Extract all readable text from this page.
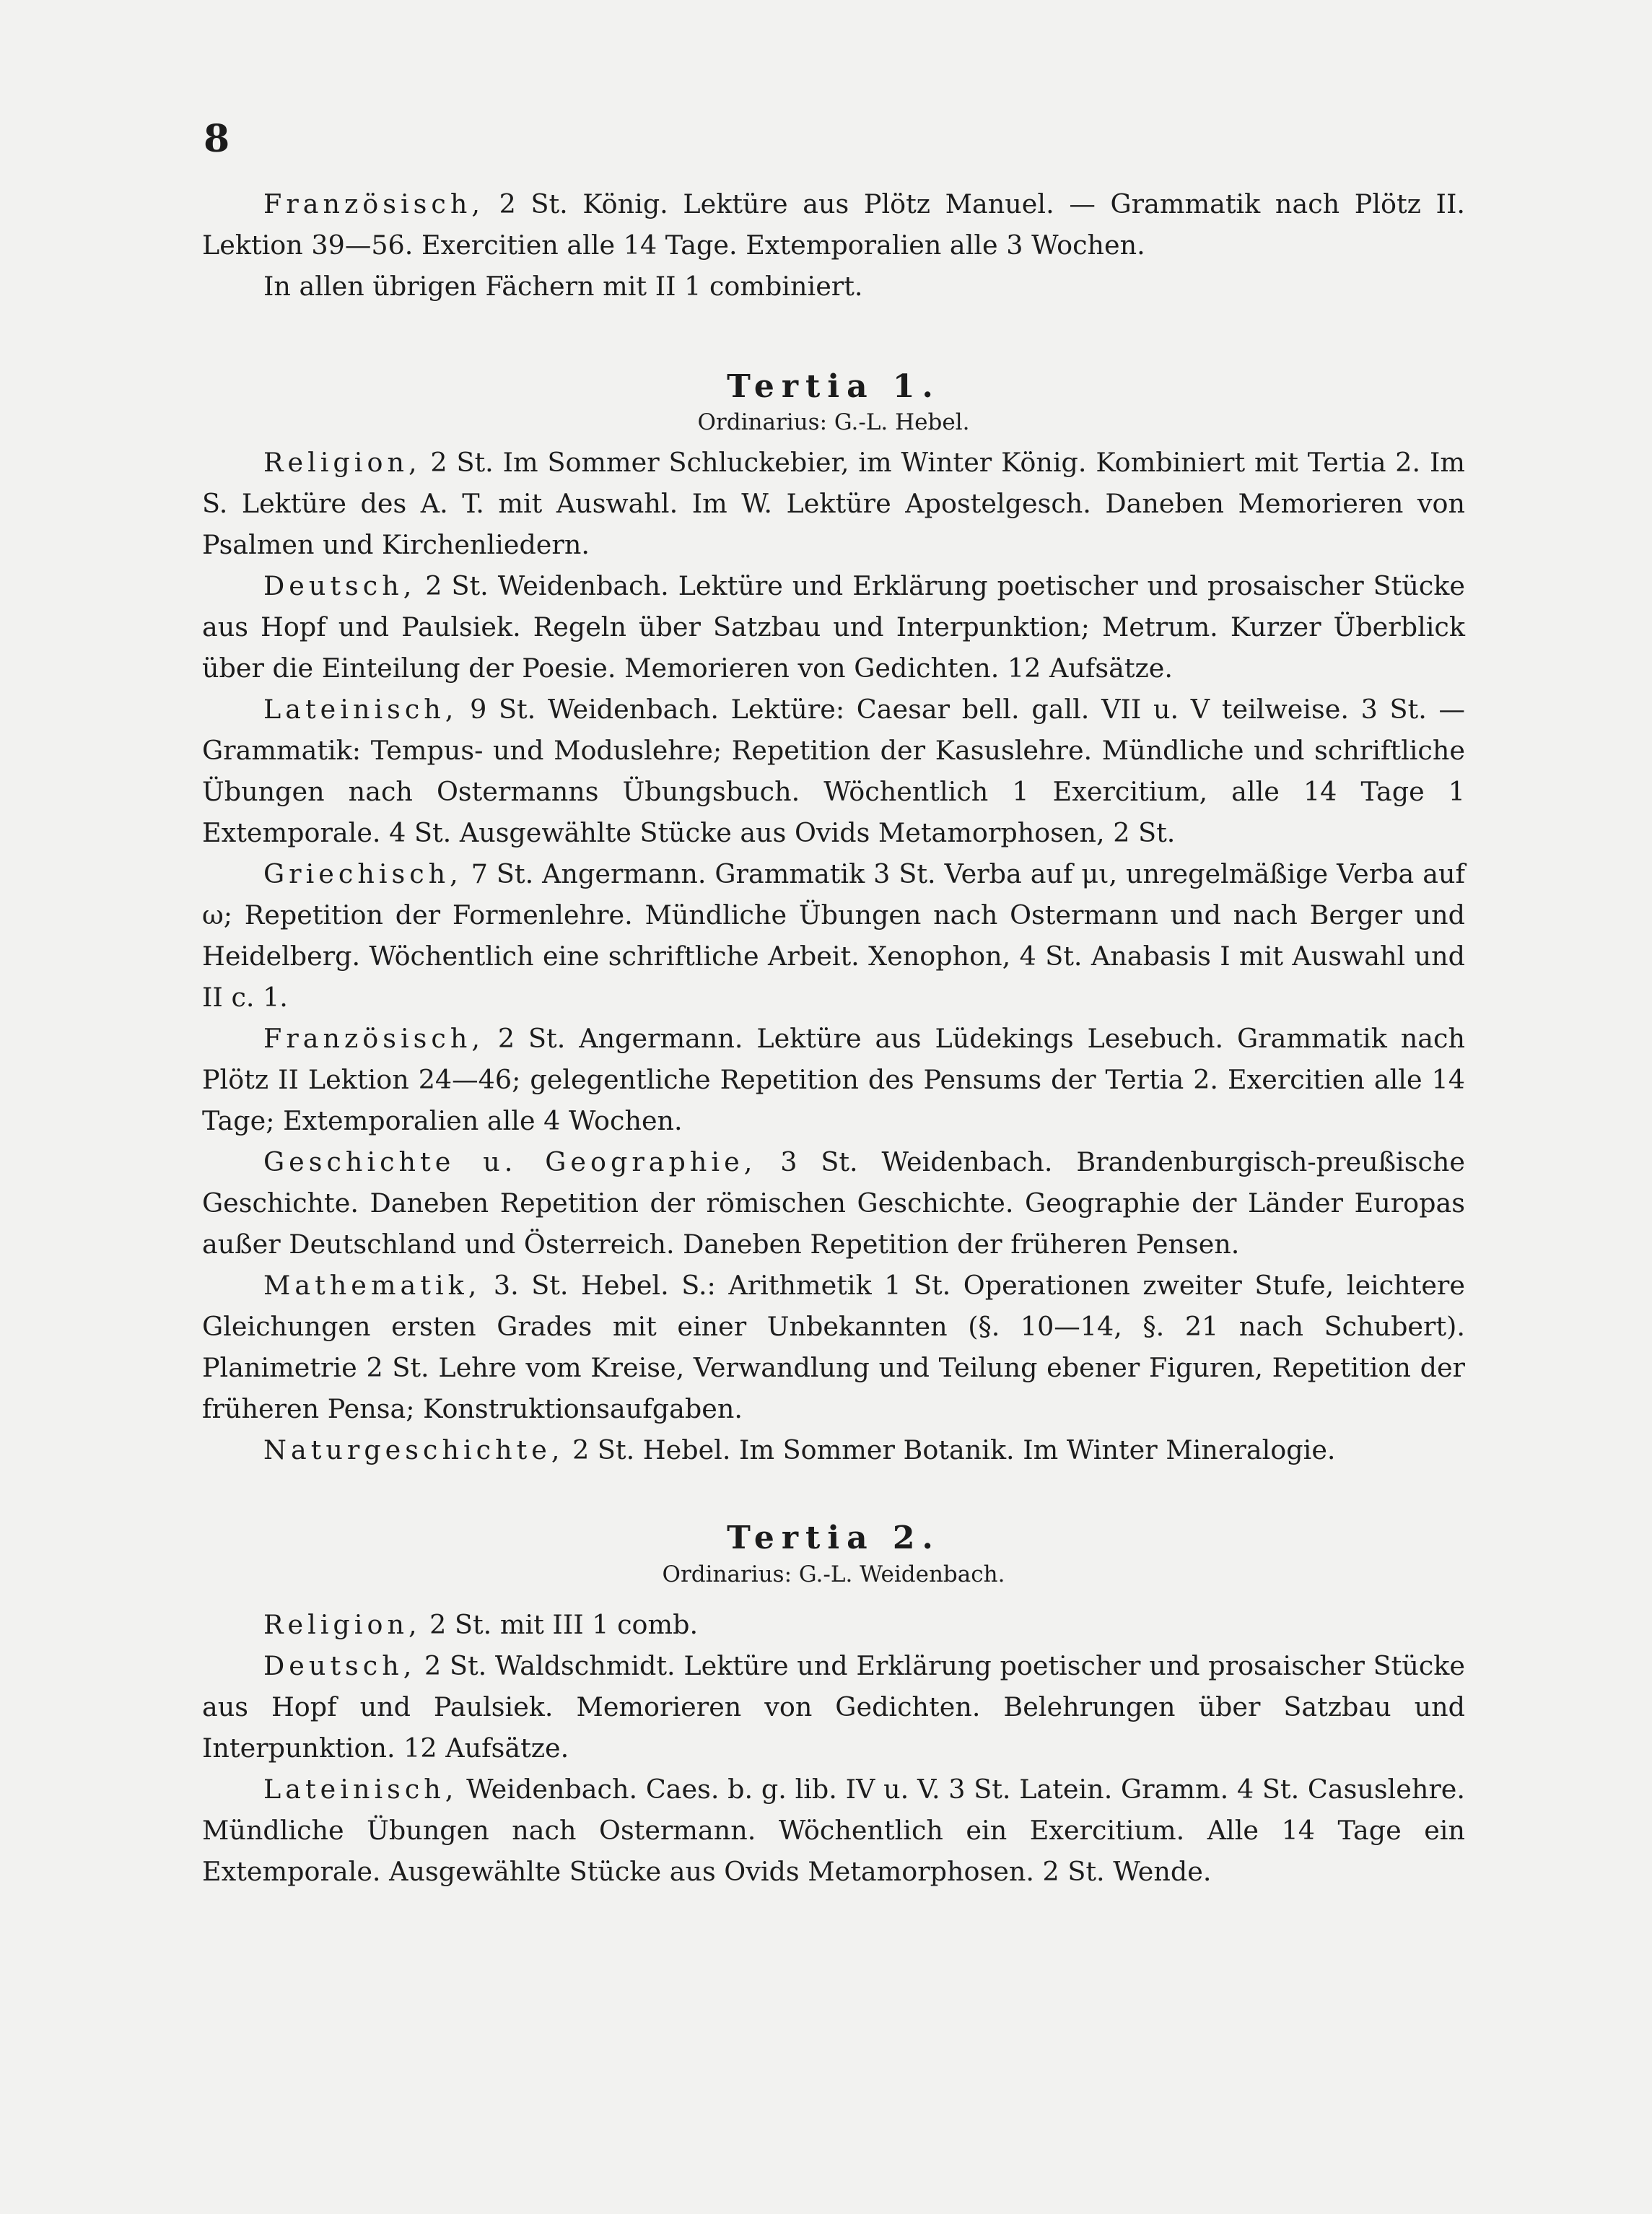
8

Französisch, 2 St. König. Lektüre aus Plötz Manuel. — Grammatik nach Plötz II. Lektion 39—56. Exercitien alle 14 Tage. Extemporalien alle 3 Wochen.

In allen übrigen Fächern mit II 1 combiniert.

Tertia 1.
Ordinarius: G.-L. Hebel.

Religion, 2 St. Im Sommer Schluckebier, im Winter König. Kombiniert mit Tertia 2. Im S. Lektüre des A. T. mit Auswahl. Im W. Lektüre Apostelgesch. Daneben Memorieren von Psalmen und Kirchenliedern.

Deutsch, 2 St. Weidenbach. Lektüre und Erklärung poetischer und prosaischer Stücke aus Hopf und Paulsiek. Regeln über Satzbau und Interpunktion; Metrum. Kurzer Überblick über die Einteilung der Poesie. Memorieren von Gedichten. 12 Aufsätze.

Lateinisch, 9 St. Weidenbach. Lektüre: Caesar bell. gall. VII u. V teilweise. 3 St. — Grammatik: Tempus- und Moduslehre; Repetition der Kasuslehre. Mündliche und schriftliche Übungen nach Ostermanns Übungsbuch. Wöchentlich 1 Exercitium, alle 14 Tage 1 Extemporale. 4 St. Ausgewählte Stücke aus Ovids Metamorphosen, 2 St.

Griechisch, 7 St. Angermann. Grammatik 3 St. Verba auf μι, unregelmäßige Verba auf ω; Repetition der Formenlehre. Mündliche Übungen nach Ostermann und nach Berger und Heidelberg. Wöchentlich eine schriftliche Arbeit. Xenophon, 4 St. Anabasis I mit Auswahl und II c. 1.

Französisch, 2 St. Angermann. Lektüre aus Lüdekings Lesebuch. Grammatik nach Plötz II Lektion 24—46; gelegentliche Repetition des Pensums der Tertia 2. Exercitien alle 14 Tage; Extemporalien alle 4 Wochen.

Geschichte u. Geographie, 3 St. Weidenbach. Brandenburgisch-preußische Geschichte. Daneben Repetition der römischen Geschichte. Geographie der Länder Europas außer Deutschland und Österreich. Daneben Repetition der früheren Pensen.

Mathematik, 3. St. Hebel. S.: Arithmetik 1 St. Operationen zweiter Stufe, leichtere Gleichungen ersten Grades mit einer Unbekannten (§. 10—14, §. 21 nach Schubert). Planimetrie 2 St. Lehre vom Kreise, Verwandlung und Teilung ebener Figuren, Repetition der früheren Pensa; Konstruktionsaufgaben.

Naturgeschichte, 2 St. Hebel. Im Sommer Botanik. Im Winter Mineralogie.

Tertia 2.
Ordinarius: G.-L. Weidenbach.

Religion, 2 St. mit III 1 comb.

Deutsch, 2 St. Waldschmidt. Lektüre und Erklärung poetischer und prosaischer Stücke aus Hopf und Paulsiek. Memorieren von Gedichten. Belehrungen über Satzbau und Interpunktion. 12 Aufsätze.

Lateinisch, Weidenbach. Caes. b. g. lib. IV u. V. 3 St. Latein. Gramm. 4 St. Casuslehre. Mündliche Übungen nach Ostermann. Wöchentlich ein Exercitium. Alle 14 Tage ein Extemporale. Ausgewählte Stücke aus Ovids Metamorphosen. 2 St. Wende.
